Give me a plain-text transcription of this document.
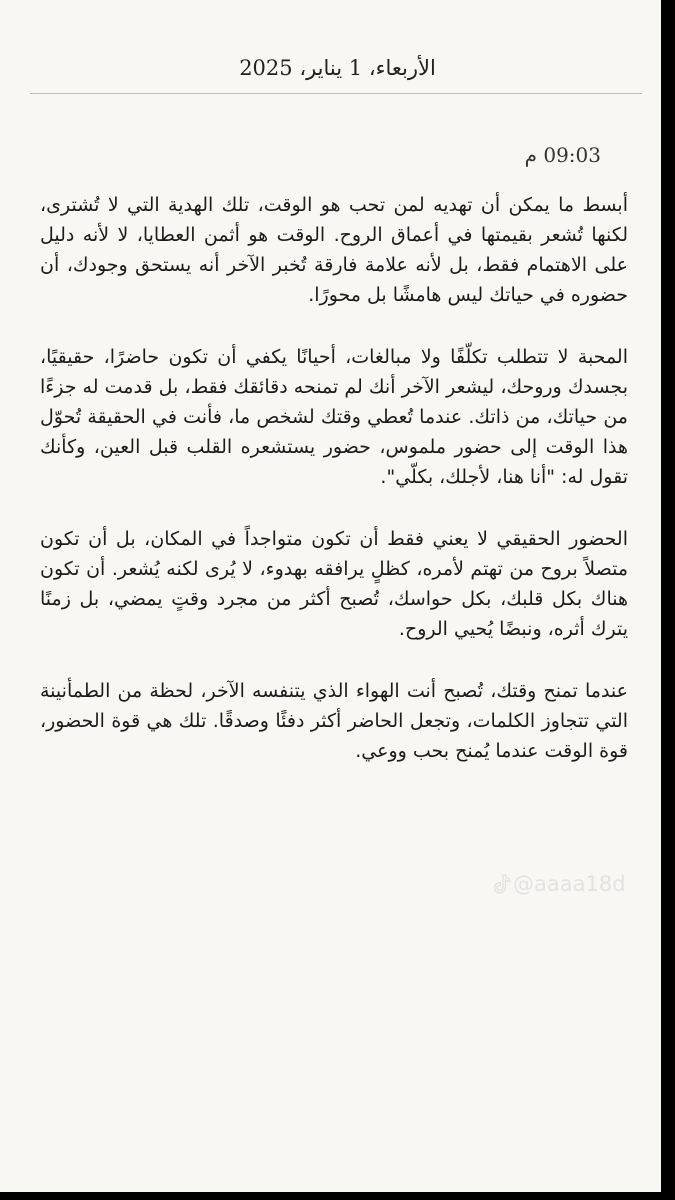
الأربعاء، 1 يناير، 2025
09:03 م

أبسط ما يمكن أن تهديه لمن تحب هو الوقت، تلك الهدية التي لا تُشترى، لكنها تُشعر بقيمتها في أعماق الروح. الوقت هو أثمن العطايا، لا لأنه دليل على الاهتمام فقط، بل لأنه علامة فارقة تُخبر الآخر أنه يستحق وجودك، أن حضوره في حياتك ليس هامشًا بل محورًا.

المحبة لا تتطلب تكلّفًا ولا مبالغات، أحيانًا يكفي أن تكون حاضرًا، حقيقيًا، بجسدك وروحك، ليشعر الآخر أنك لم تمنحه دقائقك فقط، بل قدمت له جزءًا من حياتك، من ذاتك. عندما تُعطي وقتك لشخص ما، فأنت في الحقيقة تُحوّل هذا الوقت إلى حضور ملموس، حضور يستشعره القلب قبل العين، وكأنك تقول له: "أنا هنا، لأجلك، بكلّي".

الحضور الحقيقي لا يعني فقط أن تكون متواجداً في المكان، بل أن تكون متصلاً بروح من تهتم لأمره، كظلٍ يرافقه بهدوء، لا يُرى لكنه يُشعر. أن تكون هناك بكل قلبك، بكل حواسك، تُصبح أكثر من مجرد وقتٍ يمضي، بل زمنًا يترك أثره، ونبضًا يُحيي الروح.

عندما تمنح وقتك، تُصبح أنت الهواء الذي يتنفسه الآخر، لحظة من الطمأنينة التي تتجاوز الكلمات، وتجعل الحاضر أكثر دفئًا وصدقًا. تلك هي قوة الحضور، قوة الوقت عندما يُمنح بحب ووعي.

@aaaa18d
